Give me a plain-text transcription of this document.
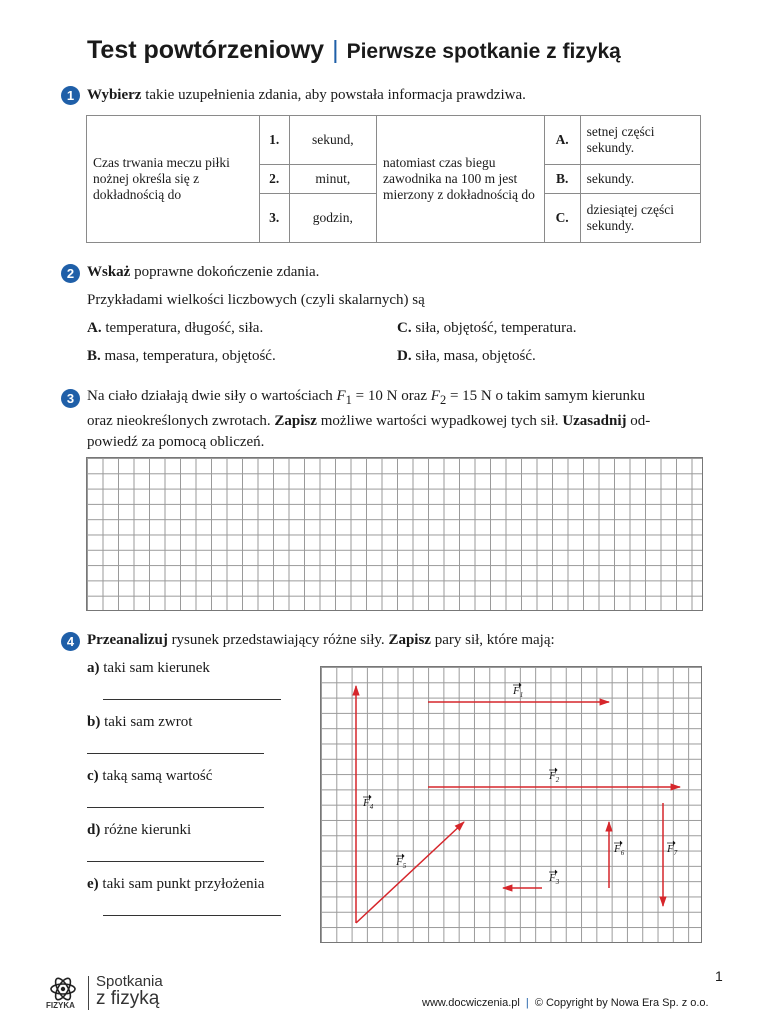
Test powtórzeniowy | Pierwsze spotkanie z fizyką
1 Wybierz takie uzupełnienia zdania, aby powstała informacja prawdziwa.
Czas trwania meczu piłki nożnej określa się z dokładnością do	1.	sekund,	natomiast czas biegu zawodnika na 100 m jest mierzony z dokładnością do	A.	setnej części sekundy.
	2.	minut,		B.	sekundy.
	3.	godzin,		C.	dziesiątej części sekundy.
2 Wskaż poprawne dokończenie zdania.
Przykładami wielkości liczbowych (czyli skalarnych) są
A. temperatura, długość, siła.
B. masa, temperatura, objętość.
C. siła, objętość, temperatura.
D. siła, masa, objętość.
3 Na ciało działają dwie siły o wartościach $F_1 = 10$ N oraz $F_2 = 15$ N o takim samym kierunku
oraz nieokreślonych zwrotach. Zapisz możliwe wartości wypadkowej tych sił. Uzasadnij od-
powiedź za pomocą obliczeń.
4 Przeanalizuj rysunek przedstawiający różne siły. Zapisz pary sił, które mają:
a) taki sam kierunek
b) taki sam zwrot
c) taką samą wartość
d) różne kierunki
e) taki sam punkt przyłożenia
$F_1$
$F_2$
$F_3$
$F_4$
$F_5$
$F_6$	$F_7$
1
FIZYKA
Spotkania
z fizyką	www.docwiczenia.pl | © Copyright by Nowa Era Sp. z o.o.
